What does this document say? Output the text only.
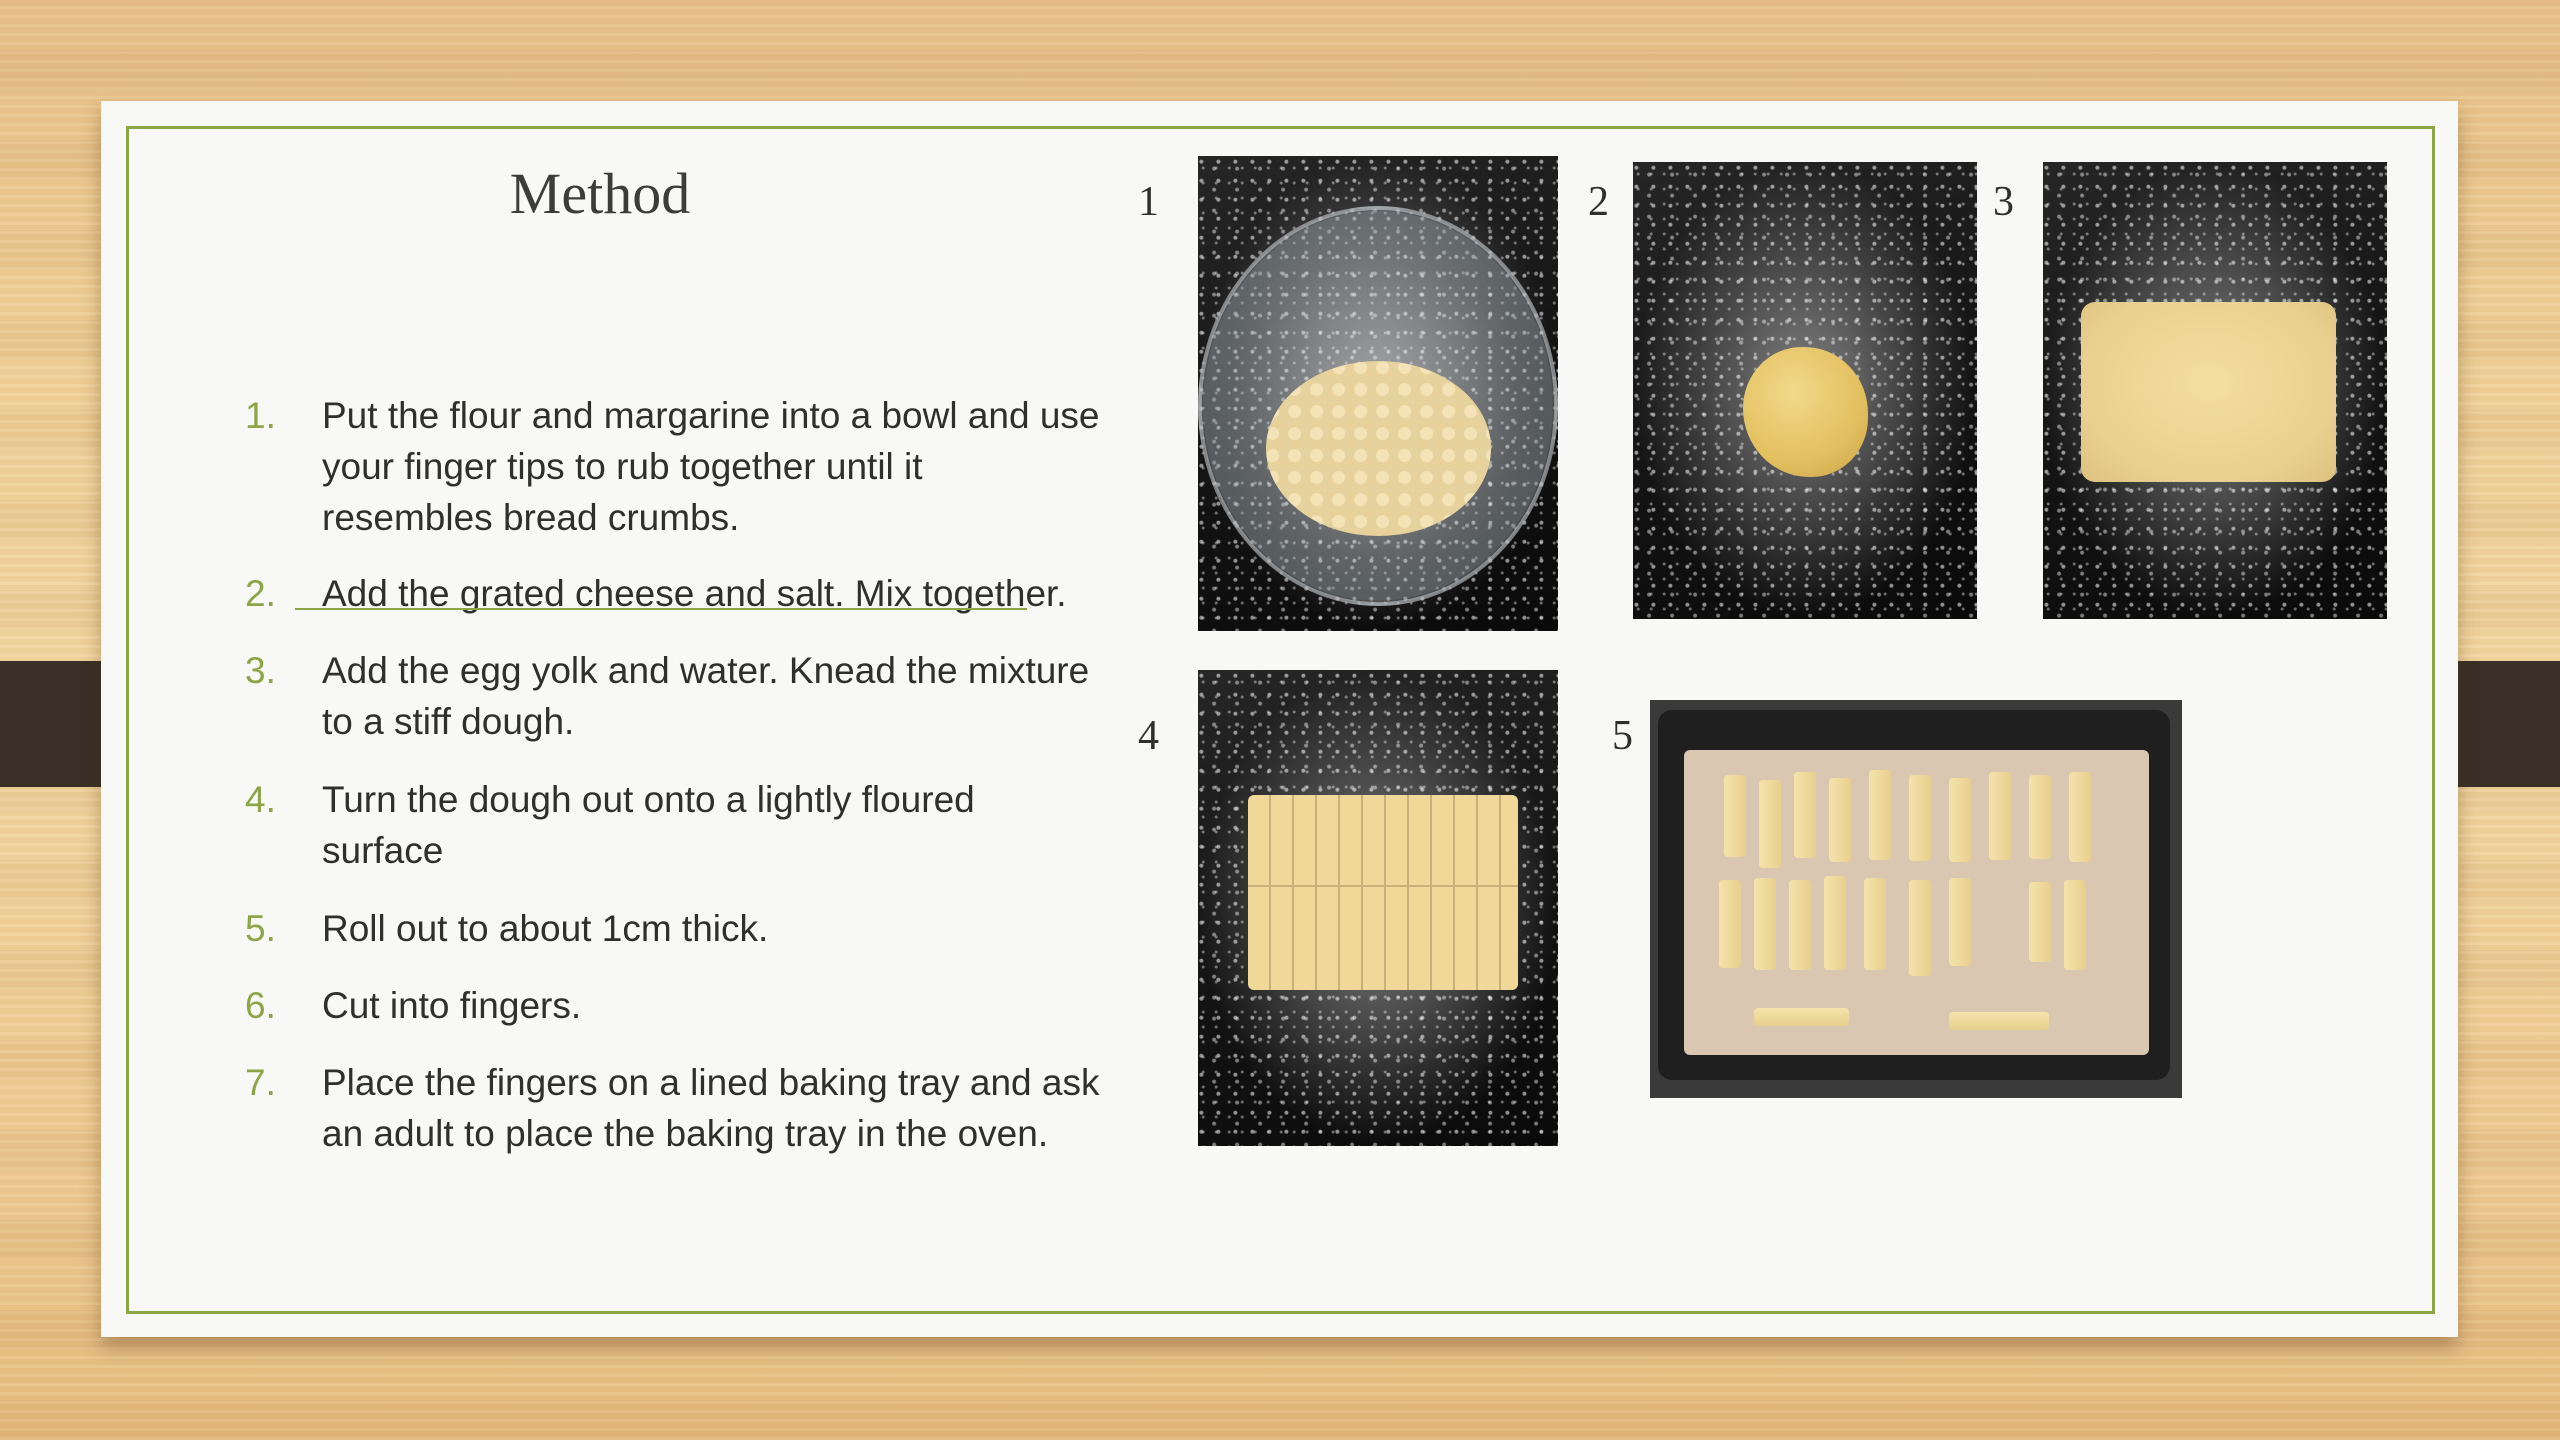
Method
1.	Put the flour and margarine into a bowl and use your finger tips to rub together until it resembles bread crumbs.
2.	Add the grated cheese and salt. Mix together.
3.	Add the egg yolk and water. Knead the mixture to a stiff dough.
4.	Turn the dough out onto a lightly floured surface
5.	Roll out to about 1cm thick.
6.	Cut into fingers.
7.	Place the fingers on a lined baking tray and ask an adult to place the baking tray in the oven.
1	2	3
4	5
